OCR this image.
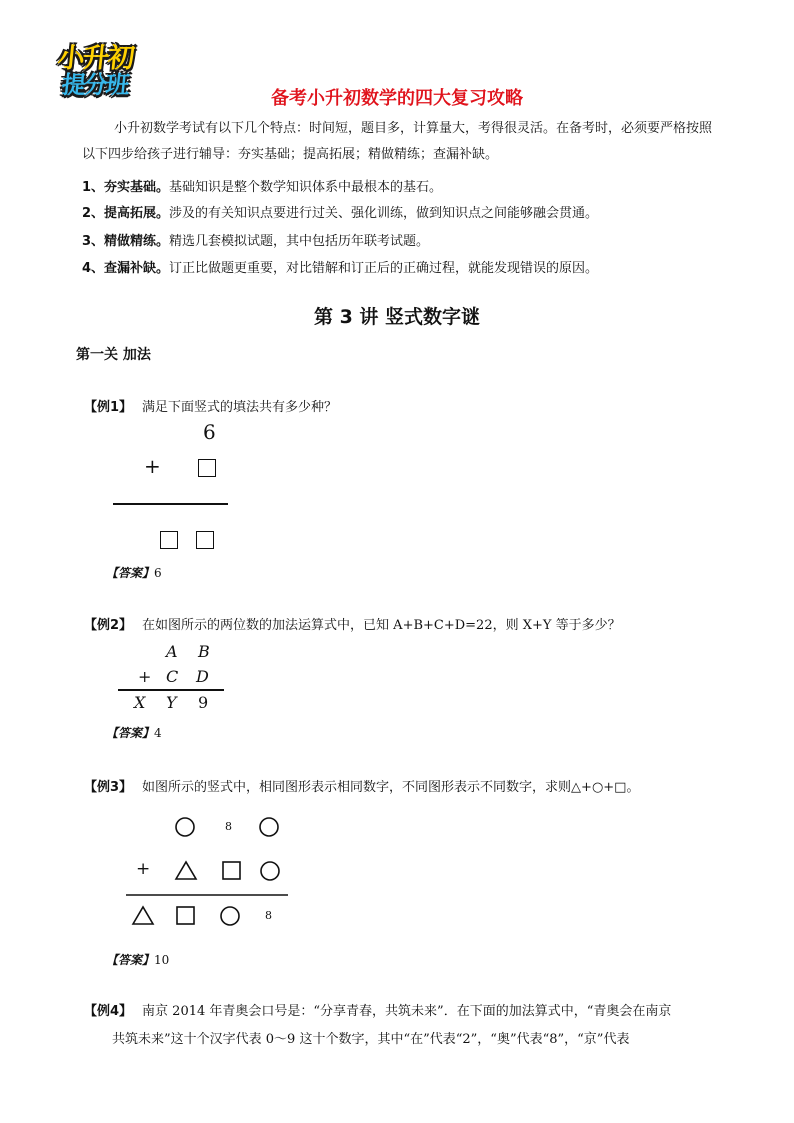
小升初
提分班	备考小升初数学的四大复习攻略
小升初数学考试有以下几个特点：时间短，题目多，计算量大，考得很灵活。在备考时，必须要严格按照以下四步给孩子进行辅导：夯实基础；提高拓展；精做精练；查漏补缺。
1、夯实基础。基础知识是整个数学知识体系中最根本的基石。
2、提高拓展。涉及的有关知识点要进行过关、强化训练，做到知识点之间能够融会贯通。
3、精做精练。精选几套模拟试题，其中包括历年联考试题。
4、查漏补缺。订正比做题更重要，对比错解和订正后的正确过程，就能发现错误的原因。
第 3 讲 竖式数字谜
第一关 加法
【例1】 满足下面竖式的填法共有多少种？
6
+
【答案】6
【例2】 在如图所示的两位数的加法运算式中，已知 A+B+C+D=22，则 X+Y 等于多少？
A B
+ C D
X Y 9
【答案】4
【例3】 如图所示的竖式中，相同图形表示相同数字，不同图形表示不同数字，求则△+○+□。
8
+
8
【答案】10
【例4】 南京 2014 年青奥会口号是：“分享青春，共筑未来”．在下面的加法算式中，“青奥会在南京
共筑未来”这十个汉字代表 0～9 这十个数字，其中“在”代表“2”，“奥”代表“8”，“京”代表
